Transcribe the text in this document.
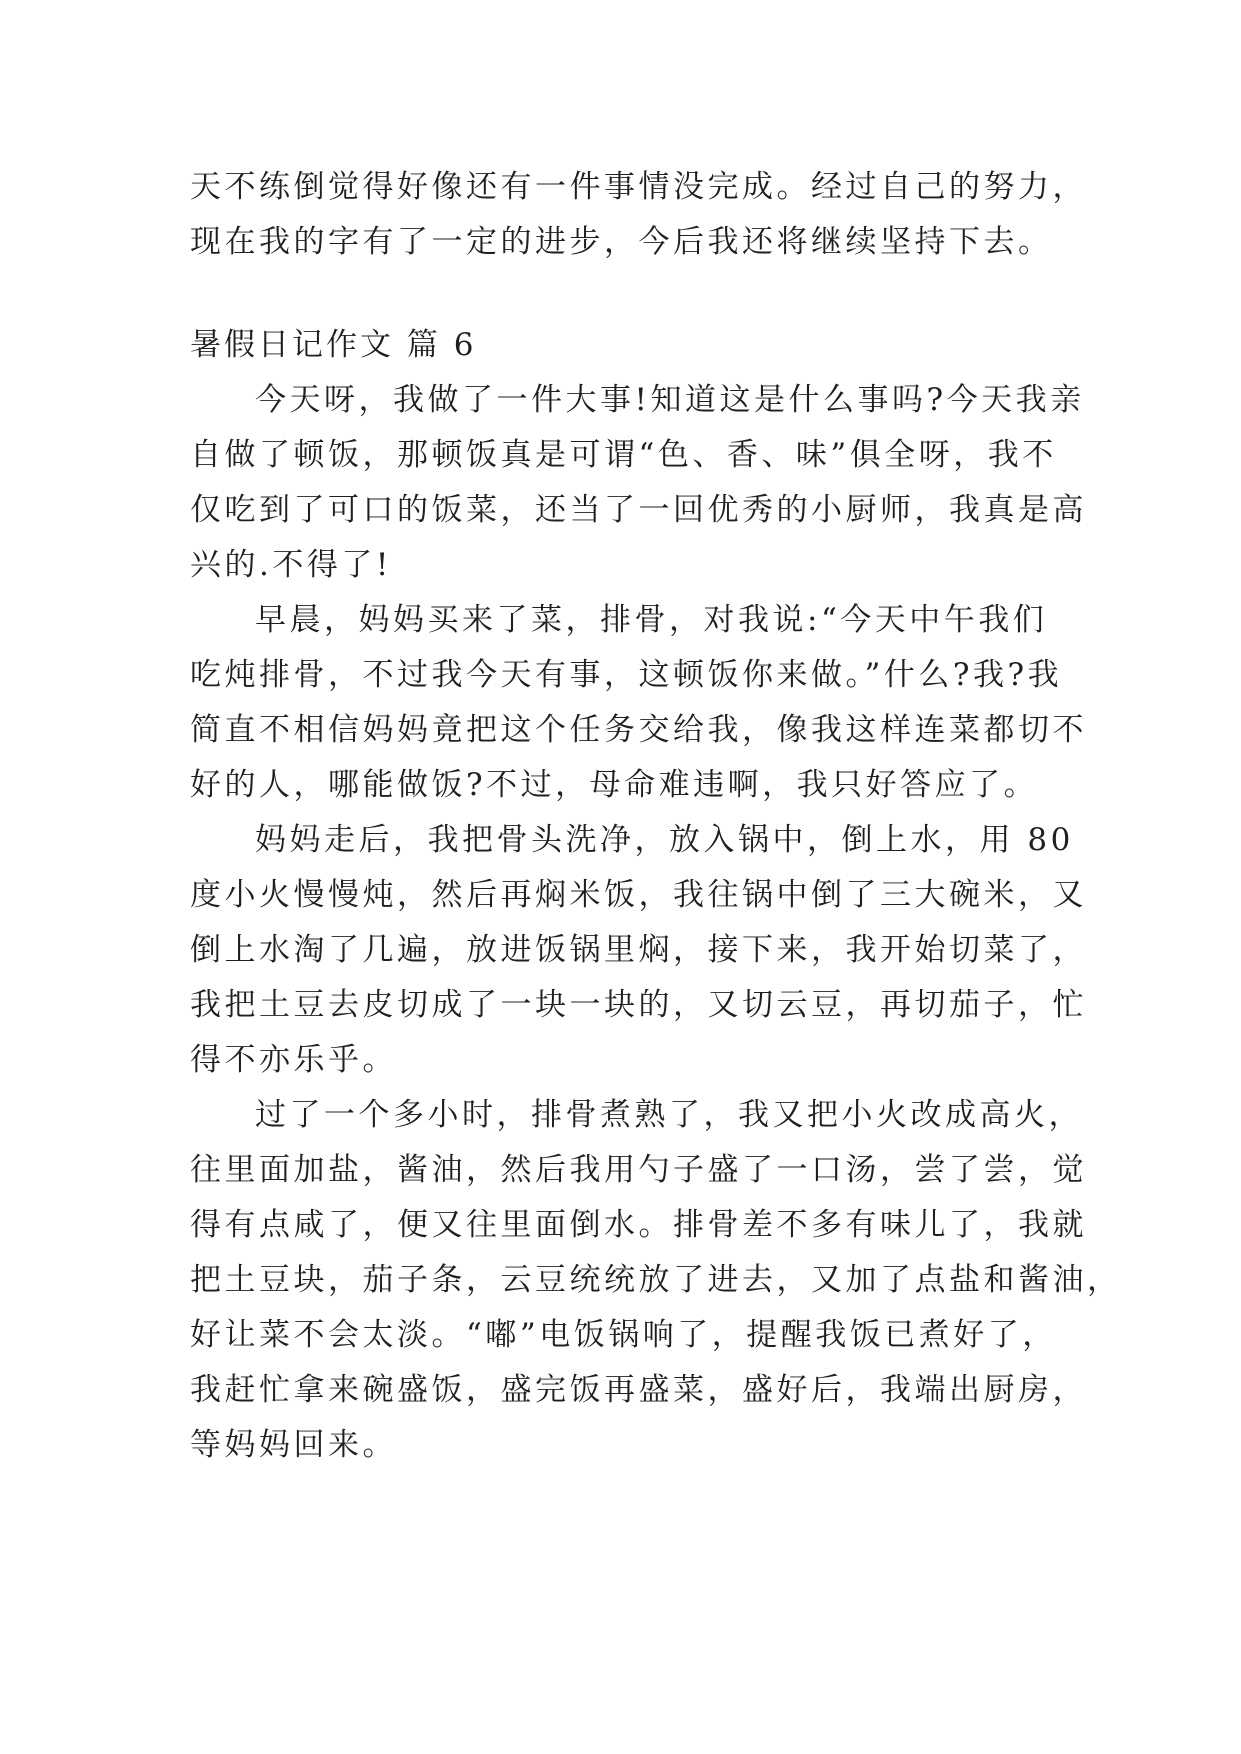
天不练倒觉得好像还有一件事情没完成。经过自己的努力，
现在我的字有了一定的进步，今后我还将继续坚持下去。
暑假日记作文 篇 6
今天呀，我做了一件大事!知道这是什么事吗?今天我亲
自做了顿饭，那顿饭真是可谓“色、香、味”俱全呀，我不
仅吃到了可口的饭菜，还当了一回优秀的小厨师，我真是高
兴的.不得了!
早晨，妈妈买来了菜，排骨，对我说:“今天中午我们
吃炖排骨，不过我今天有事，这顿饭你来做。”什么?我?我
简直不相信妈妈竟把这个任务交给我，像我这样连菜都切不
好的人，哪能做饭?不过，母命难违啊，我只好答应了。
妈妈走后，我把骨头洗净，放入锅中，倒上水，用 80
度小火慢慢炖，然后再焖米饭，我往锅中倒了三大碗米，又
倒上水淘了几遍，放进饭锅里焖，接下来，我开始切菜了，
我把土豆去皮切成了一块一块的，又切云豆，再切茄子，忙
得不亦乐乎。
过了一个多小时，排骨煮熟了，我又把小火改成高火，
往里面加盐，酱油，然后我用勺子盛了一口汤，尝了尝，觉
得有点咸了，便又往里面倒水。排骨差不多有味儿了，我就
把土豆块，茄子条，云豆统统放了进去，又加了点盐和酱油，
好让菜不会太淡。“嘟”电饭锅响了，提醒我饭已煮好了，
我赶忙拿来碗盛饭，盛完饭再盛菜，盛好后，我端出厨房，
等妈妈回来。
